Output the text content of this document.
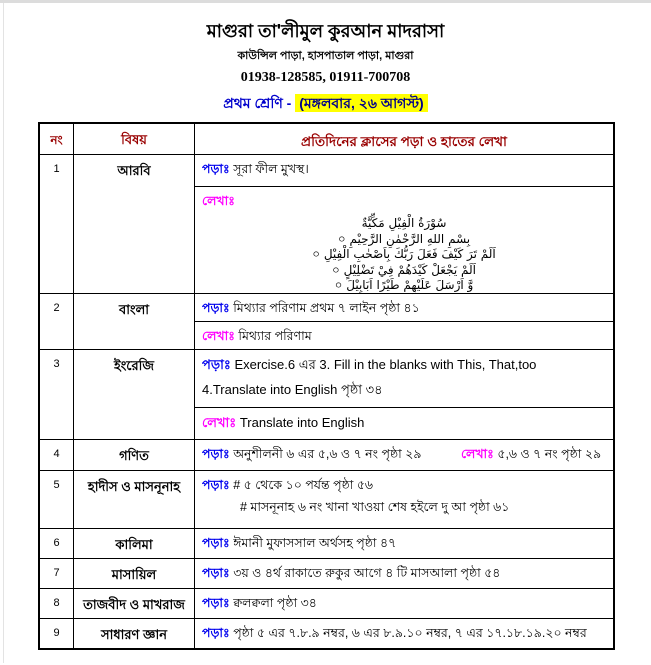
মাগুরা তা'লীমুল কুরআন মাদরাসা
কাউন্সিল পাড়া, হাসপাতাল পাড়া, মাগুরা
01938-128585, 01911-700708
প্রথম শ্রেণি - (মঙ্গলবার, ২৬ আগস্ট)
নং	বিষয়	প্রতিদিনের ক্লাসের পড়া ও হাতের লেখা
1	আরবি	পড়াঃ সূরা ফীল মুখস্থ।
লেখাঃ
سُوْرَةُ الْفِيْلِ مَكِّيَّةٌ
০ بِسْمِ اللهِ الرَّحْمٰنِ الرَّحِيْمِ
০ اَلَمْ تَرَ كَيْفَ فَعَلَ رَبُّكَ بِاَصْحٰبِ الْفِيْلِ
০ اَلَمْ يَجْعَلْ كَيْدَهُمْ فِيْ تَضْلِيْلٍ
০ وَّ اَرْسَلَ عَلَيْهِمْ طَيْرًا اَبَابِيْلَ
2	বাংলা	পড়াঃ মিথ্যার পরিণাম প্রথম ৭ লাইন পৃষ্ঠা ৪১
লেখাঃ মিথ্যার পরিণাম
3	ইংরেজি	পড়াঃ Exercise.6 এর 3. Fill in the blanks with This, That,too
4.Translate into English পৃষ্ঠা ৩৪
লেখাঃ Translate into English
4	গণিত	পড়াঃ অনুশীলনী ৬ এর ৫,৬ ও ৭ নং পৃষ্ঠা ২৯	লেখাঃ ৫,৬ ও ৭ নং পৃষ্ঠা ২৯
5	হাদীস ও মাসনূনাহ	পড়াঃ # ৫ থেকে ১০ পর্যন্ত পৃষ্ঠা ৫৬
# মাসনূনাহ ৬ নং খানা খাওয়া শেষ হইলে দু আ পৃষ্ঠা ৬১
6	কালিমা	পড়াঃ ঈমানী মুফাসসাল অর্থসহ পৃষ্ঠা ৪৭
7	মাসায়িল	পড়াঃ ৩য় ও ৪র্থ রাকাতে রুকুর আগে ৪ টি মাসআলা পৃষ্ঠা ৫৪
8	তাজবীদ ও মাখরাজ	পড়াঃ ক্বলক্বলা পৃষ্ঠা ৩৪
9	সাধারণ জ্ঞান	পড়াঃ পৃষ্ঠা ৫ এর ৭.৮.৯ নম্বর, ৬ এর ৮.৯.১০ নম্বর, ৭ এর ১৭.১৮.১৯.২০ নম্বর
